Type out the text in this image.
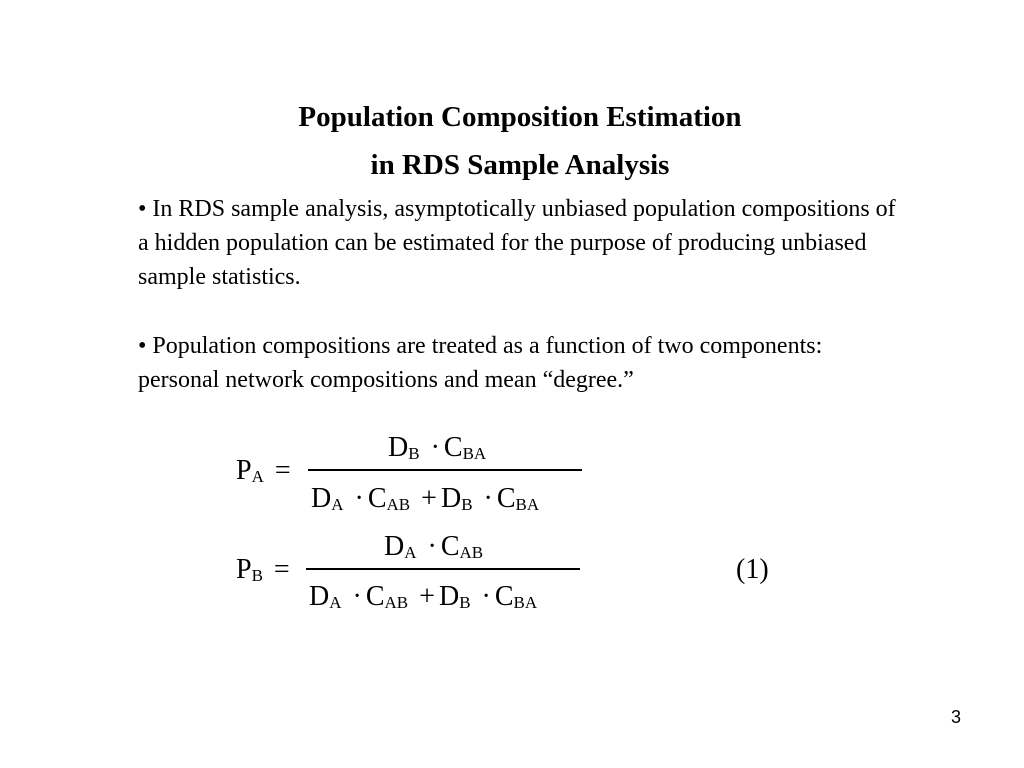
Population Composition Estimation
in RDS Sample Analysis
• In RDS sample analysis, asymptotically unbiased population compositions of a hidden population can be estimated for the purpose of producing unbiased sample statistics.
• Population compositions are treated as a function of two components: personal network compositions and mean “degree.”
$P_A$ =
$D_B \cdot C_{BA}$
$D_A \cdot C_{AB} + D_B \cdot C_{BA}$
$P_B$ =
$D_A \cdot C_{AB}$
$D_A \cdot C_{AB} + D_B \cdot C_{BA}$
(1)
3
